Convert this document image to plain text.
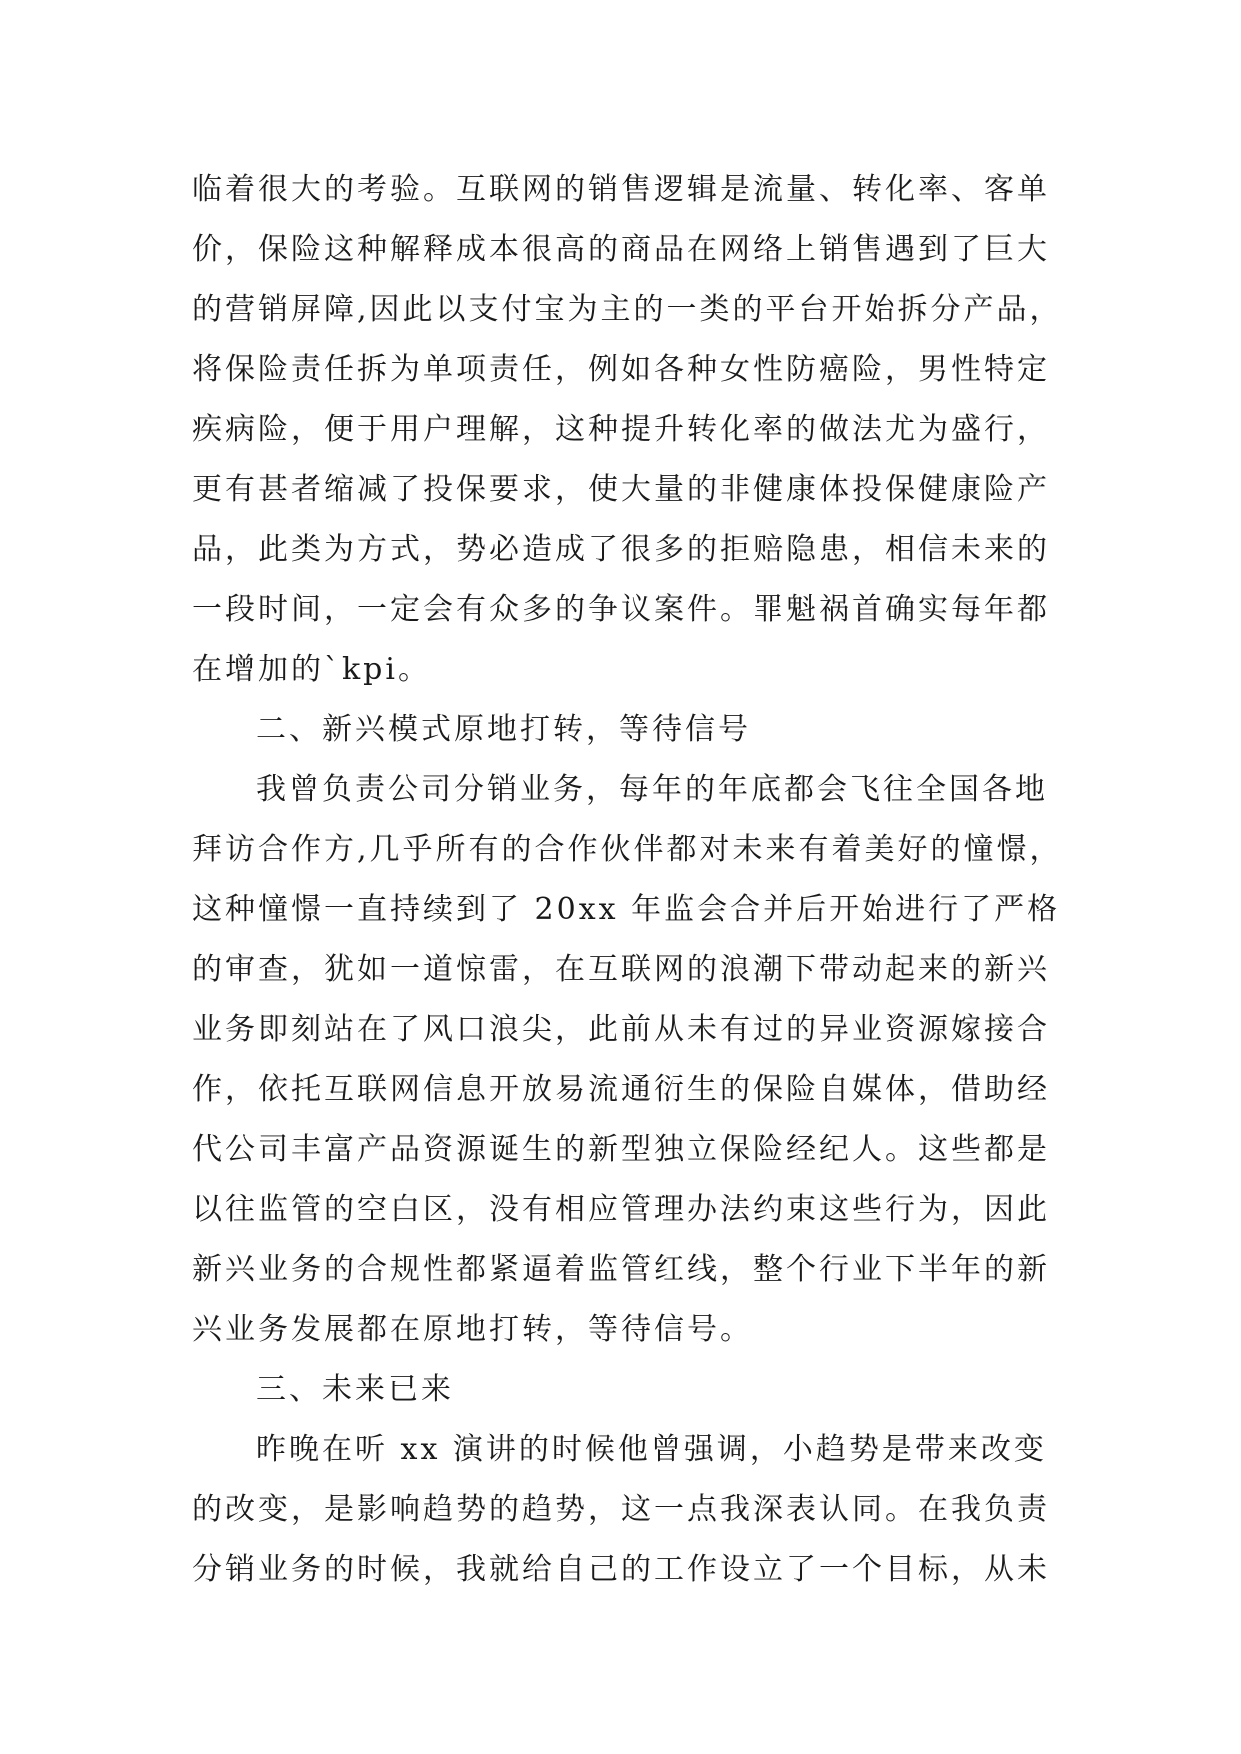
临着很大的考验。互联网的销售逻辑是流量、转化率、客单
价，保险这种解释成本很高的商品在网络上销售遇到了巨大
的营销屏障,因此以支付宝为主的一类的平台开始拆分产品，
将保险责任拆为单项责任，例如各种女性防癌险，男性特定
疾病险，便于用户理解，这种提升转化率的做法尤为盛行，
更有甚者缩减了投保要求，使大量的非健康体投保健康险产
品，此类为方式，势必造成了很多的拒赔隐患，相信未来的
一段时间，一定会有众多的争议案件。罪魁祸首确实每年都
在增加的`kpi。
二、新兴模式原地打转，等待信号
我曾负责公司分销业务，每年的年底都会飞往全国各地
拜访合作方,几乎所有的合作伙伴都对未来有着美好的憧憬，
这种憧憬一直持续到了 20xx 年监会合并后开始进行了严格
的审查，犹如一道惊雷，在互联网的浪潮下带动起来的新兴
业务即刻站在了风口浪尖，此前从未有过的异业资源嫁接合
作，依托互联网信息开放易流通衍生的保险自媒体，借助经
代公司丰富产品资源诞生的新型独立保险经纪人。这些都是
以往监管的空白区，没有相应管理办法约束这些行为，因此
新兴业务的合规性都紧逼着监管红线，整个行业下半年的新
兴业务发展都在原地打转，等待信号。
三、未来已来
昨晚在听 xx 演讲的时候他曾强调，小趋势是带来改变
的改变，是影响趋势的趋势，这一点我深表认同。在我负责
分销业务的时候，我就给自己的工作设立了一个目标，从未
